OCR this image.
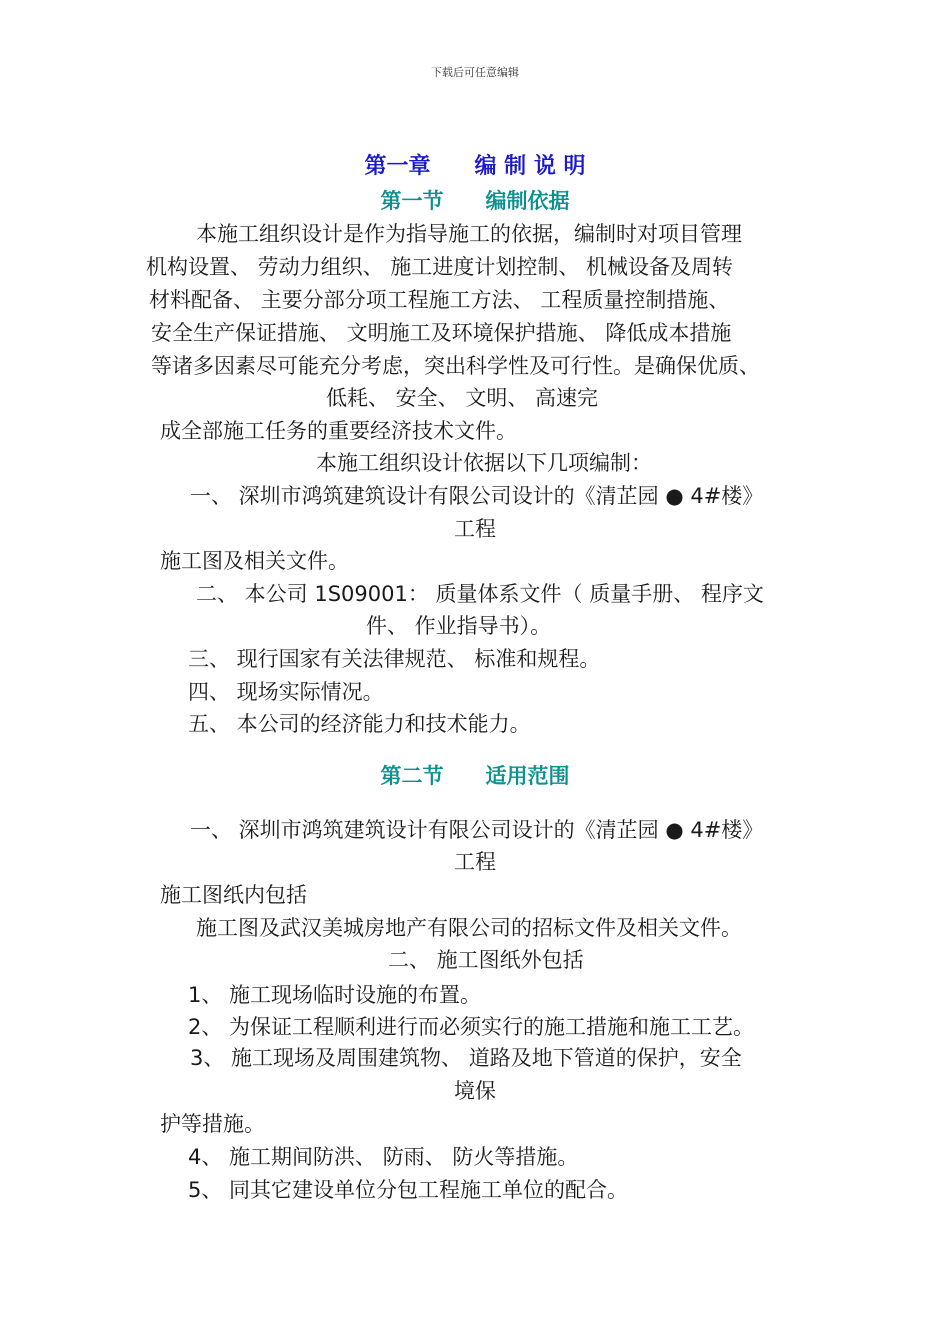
下载后可任意编辑
第一章　　编 制 说 明
第一节　　编制依据

本施工组织设计是作为指导施工的依据，编制时对项目管理

机构设置、 劳动力组织、 施工进度计划控制、 机械设备及周转

材料配备、 主要分部分项工程施工方法、 工程质量控制措施、

安全生产保证措施、 文明施工及环境保护措施、 降低成本措施

等诸多因素尽可能充分考虑，突出科学性及可行性。是确保优质、

低耗、 安全、 文明、 高速完

成全部施工任务的重要经济技术文件。

本施工组织设计依据以下几项编制：

一、 深圳市鸿筑建筑设计有限公司设计的《清芷园 ● 4#楼》

工程

施工图及相关文件。

二、 本公司 1S09001： 质量体系文件（ 质量手册、 程序文

件、 作业指导书）。

三、 现行国家有关法律规范、 标准和规程。

四、 现场实际情况。

五、 本公司的经济能力和技术能力。

第二节　　适用范围

一、 深圳市鸿筑建筑设计有限公司设计的《清芷园 ● 4#楼》

工程

施工图纸内包括

施工图及武汉美城房地产有限公司的招标文件及相关文件。

二、 施工图纸外包括

1、 施工现场临时设施的布置。

2、 为保证工程顺利进行而必须实行的施工措施和施工工艺。

3、 施工现场及周围建筑物、 道路及地下管道的保护，安全

境保

护等措施。

4、 施工期间防洪、 防雨、 防火等措施。

5、 同其它建设单位分包工程施工单位的配合。
